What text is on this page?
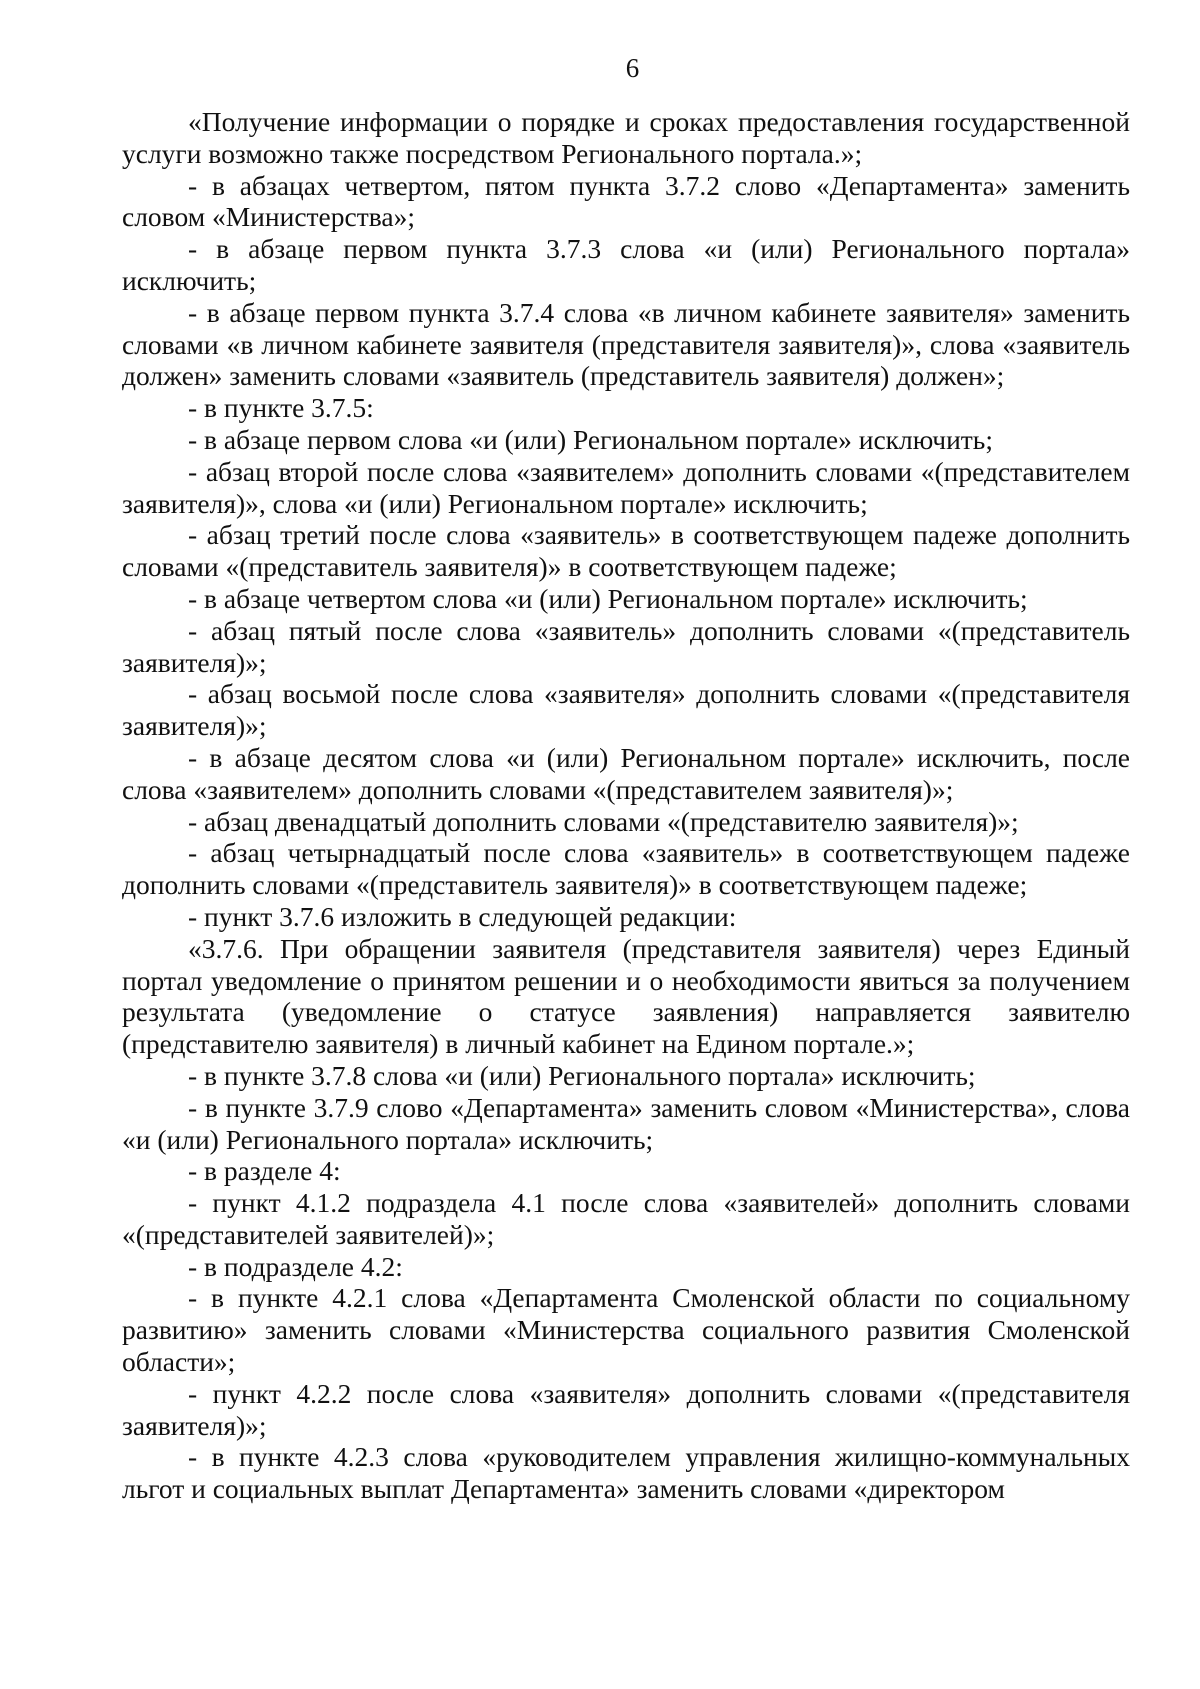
6

«Получение информации о порядке и сроках предоставления государственной услуги возможно также посредством Регионального портала.»;

- в абзацах четвертом, пятом пункта 3.7.2 слово «Департамента» заменить словом «Министерства»;

- в абзаце первом пункта 3.7.3 слова «и (или) Регионального портала» исключить;

- в абзаце первом пункта 3.7.4 слова «в личном кабинете заявителя» заменить словами «в личном кабинете заявителя (представителя заявителя)», слова «заявитель должен» заменить словами «заявитель (представитель заявителя) должен»;

- в пункте 3.7.5:

- в абзаце первом слова «и (или) Региональном портале» исключить;

- абзац второй после слова «заявителем» дополнить словами «(представителем заявителя)», слова «и (или) Региональном портале» исключить;

- абзац третий после слова «заявитель» в соответствующем падеже дополнить словами «(представитель заявителя)» в соответствующем падеже;

- в абзаце четвертом слова «и (или) Региональном портале» исключить;

- абзац пятый после слова «заявитель» дополнить словами «(представитель заявителя)»;

- абзац восьмой после слова «заявителя» дополнить словами «(представителя заявителя)»;

- в абзаце десятом слова «и (или) Региональном портале» исключить, после слова «заявителем» дополнить словами «(представителем заявителя)»;

- абзац двенадцатый дополнить словами «(представителю заявителя)»;

- абзац четырнадцатый после слова «заявитель» в соответствующем падеже дополнить словами «(представитель заявителя)» в соответствующем падеже;

- пункт 3.7.6 изложить в следующей редакции:

«3.7.6. При обращении заявителя (представителя заявителя) через Единый портал уведомление о принятом решении и о необходимости явиться за получением результата (уведомление о статусе заявления) направляется заявителю (представителю заявителя) в личный кабинет на Едином портале.»;

- в пункте 3.7.8 слова «и (или) Регионального портала» исключить;

- в пункте 3.7.9 слово «Департамента» заменить словом «Министерства», слова «и (или) Регионального портала» исключить;

- в разделе 4:

- пункт 4.1.2 подраздела 4.1 после слова «заявителей» дополнить словами «(представителей заявителей)»;

- в подразделе 4.2:

- в пункте 4.2.1 слова «Департамента Смоленской области по социальному развитию» заменить словами «Министерства социального развития Смоленской области»;

- пункт 4.2.2 после слова «заявителя» дополнить словами «(представителя заявителя)»;

- в пункте 4.2.3 слова «руководителем управления жилищно-коммунальных льгот и социальных выплат Департамента» заменить словами «директором
